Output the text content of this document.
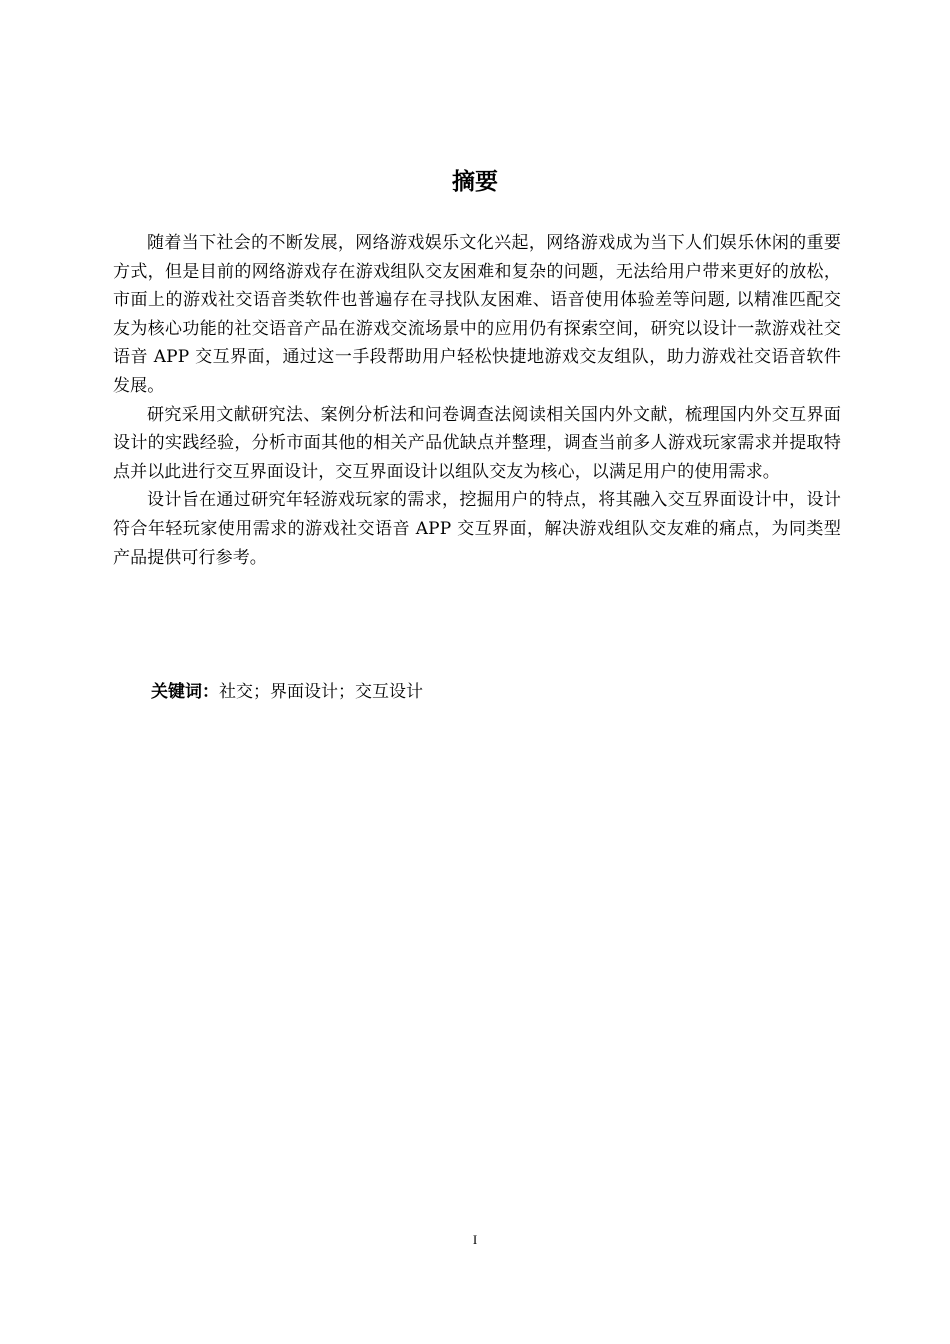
摘要

随着当下社会的不断发展，网络游戏娱乐文化兴起，网络游戏成为当下人们娱乐休闲的重要方式，但是目前的网络游戏存在游戏组队交友困难和复杂的问题，无法给用户带来更好的放松，市面上的游戏社交语音类软件也普遍存在寻找队友困难、语音使用体验差等问题, 以精准匹配交友为核心功能的社交语音产品在游戏交流场景中的应用仍有探索空间，研究以设计一款游戏社交语音 APP 交互界面，通过这一手段帮助用户轻松快捷地游戏交友组队，助力游戏社交语音软件发展。

研究采用文献研究法、案例分析法和问卷调查法阅读相关国内外文献，梳理国内外交互界面设计的实践经验，分析市面其他的相关产品优缺点并整理，调查当前多人游戏玩家需求并提取特点并以此进行交互界面设计，交互界面设计以组队交友为核心，以满足用户的使用需求。

设计旨在通过研究年轻游戏玩家的需求，挖掘用户的特点，将其融入交互界面设计中，设计符合年轻玩家使用需求的游戏社交语音 APP 交互界面，解决游戏组队交友难的痛点，为同类型产品提供可行参考。

关键词：社交；界面设计；交互设计

I
